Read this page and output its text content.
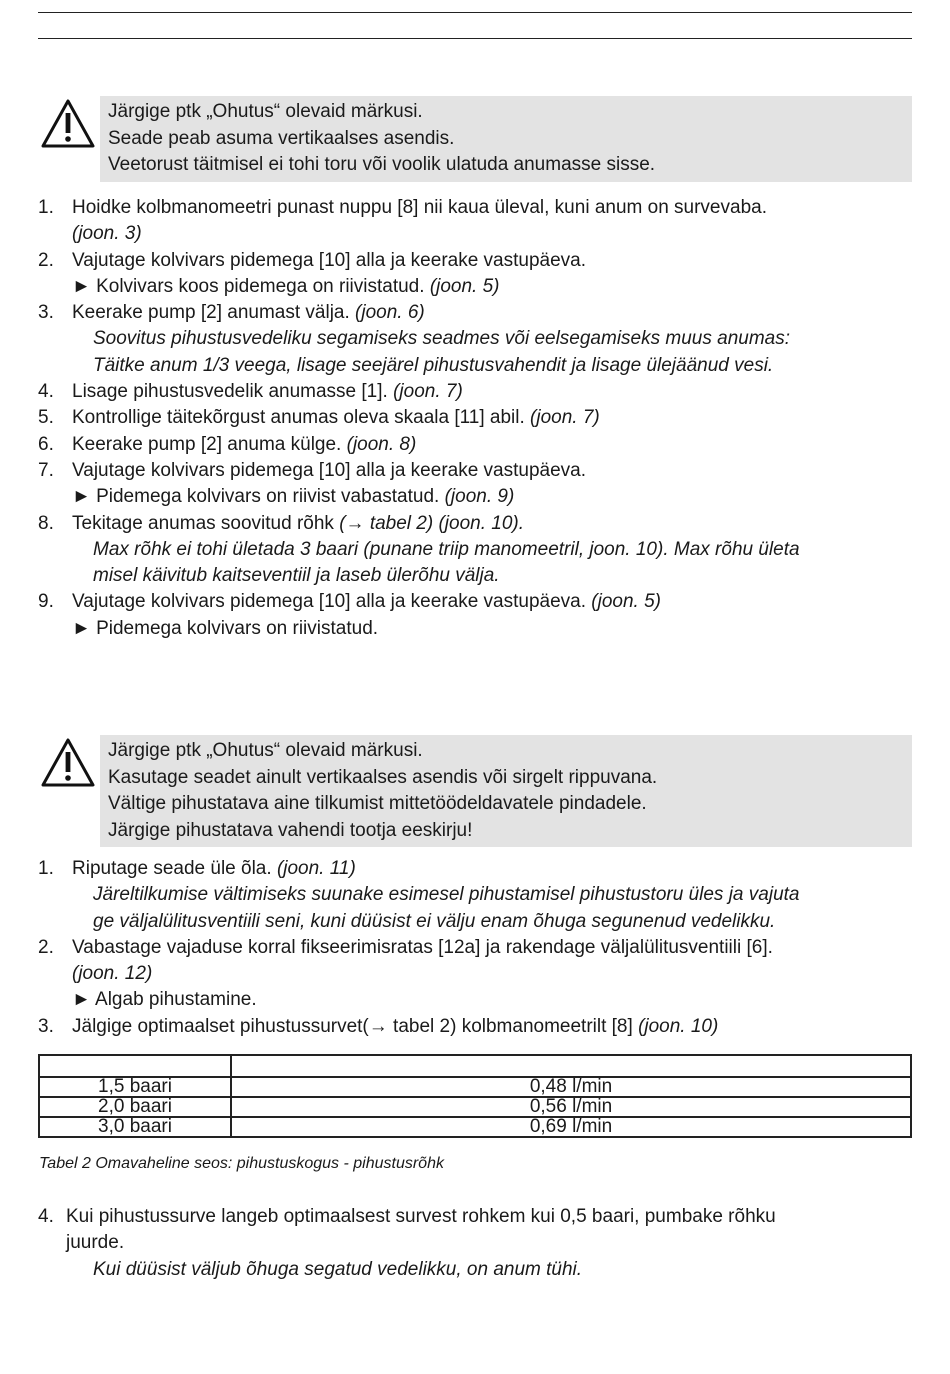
Järgige ptk „Ohutus“ olevaid märkusi.
Seade peab asuma vertikaalses asendis.
Veetorust täitmisel ei tohi toru või voolik ulatuda anumasse sisse.
1. Hoidke kolbmanomeetri punast nuppu [8] nii kaua üleval, kuni anum on survevaba.
(joon. 3)
2. Vajutage kolvivars pidemega [10] alla ja keerake vastupäeva.
► Kolvivars koos pidemega on riivistatud. (joon. 5)
3. Keerake pump [2] anumast välja. (joon. 6)
Soovitus pihustusvedeliku segamiseks seadmes või eelsegamiseks muus anumas:
Täitke anum 1/3 veega, lisage seejärel pihustusvahendit ja lisage ülejäänud vesi.
4. Lisage pihustusvedelik anumasse [1]. (joon. 7)
5. Kontrollige täitekõrgust anumas oleva skaala [11] abil. (joon. 7)
6. Keerake pump [2] anuma külge. (joon. 8)
7. Vajutage kolvivars pidemega [10] alla ja keerake vastupäeva.
► Pidemega kolvivars on riivist vabastatud. (joon. 9)
8. Tekitage anumas soovitud rõhk (→ tabel 2) (joon. 10).
Max rõhk ei tohi ületada 3 baari (punane triip manomeetril, joon. 10). Max rõhu ületa
misel käivitub kaitseventiil ja laseb ülerõhu välja.
9. Vajutage kolvivars pidemega [10] alla ja keerake vastupäeva. (joon. 5)
► Pidemega kolvivars on riivistatud.
Järgige ptk „Ohutus“ olevaid märkusi.
Kasutage seadet ainult vertikaalses asendis või sirgelt rippuvana.
Vältige pihustatava aine tilkumist mittetöödeldavatele pindadele.
Järgige pihustatava vahendi tootja eeskirju!
1. Riputage seade üle õla. (joon. 11)
Järeltilkumise vältimiseks suunake esimesel pihustamisel pihustustoru üles ja vajuta
ge väljalülitusventiili seni, kuni düüsist ei välju enam õhuga segunenud vedelikku.
2. Vabastage vajaduse korral fikseerimisratas [12a] ja rakendage väljalülitusventiili [6].
(joon. 12)
► Algab pihustamine.
3. Jälgige optimaalset pihustussurvet(→ tabel 2) kolbmanomeetrilt [8] (joon. 10)

1,5 baari	0,48 l/min
2,0 baari	0,56 l/min
3,0 baari	0,69 l/min
Tabel 2 Omavaheline seos: pihustuskogus - pihustusrõhk
4. Kui pihustussurve langeb optimaalsest survest rohkem kui 0,5 baari, pumbake rõhku
juurde.
Kui düüsist väljub õhuga segatud vedelikku, on anum tühi.
